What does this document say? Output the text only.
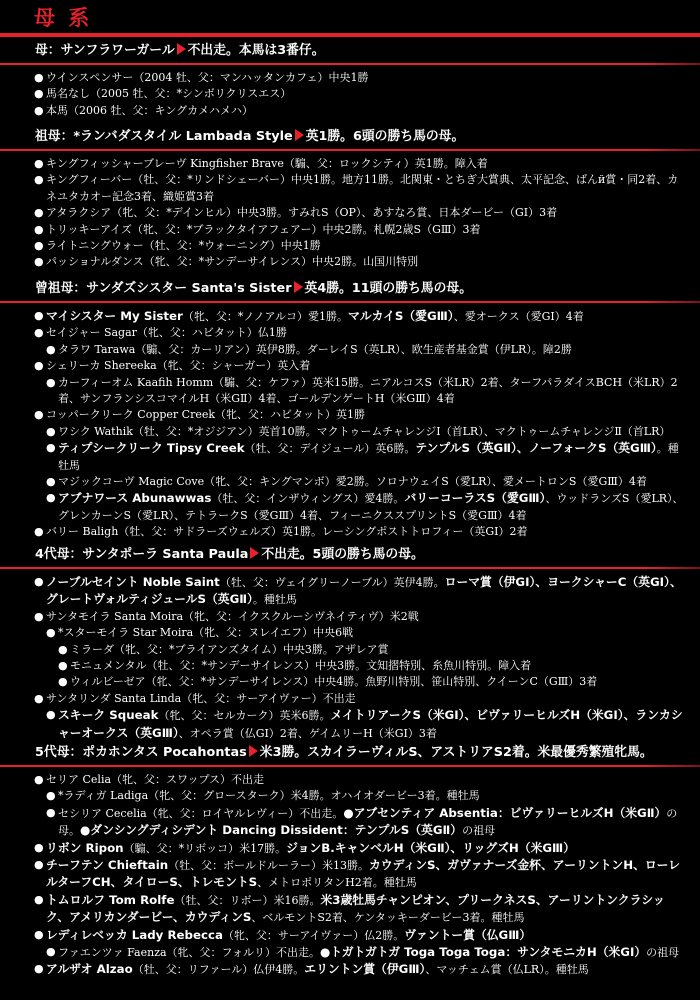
母 系
母：サンフラワーガール 不出走。本馬は3番仔。
● ウインスペンサー（2004 牡、父：マンハッタンカフェ）中央1勝
● 馬名なし（2005 牡、父：*シンボリクリスエス）
● 本馬（2006 牡、父：キングカメハメハ）
祖母：*ランバダスタイル Lambada Style 英1勝。6頭の勝ち馬の母。
● キングフィッシャーブレーヴ Kingfisher Brave（騸、父：ロックシティ）英1勝。障入着
● キングフィーバー（牡、父：*リンドシェーバー）中央1勝。地方11勝。北関東・とちぎ大賞典、太平記念、ばんй賞・同2着、カネユタカオー記念3着、織姫賞3着
● アタラクシア（牝、父：*デインヒル）中央3勝。すみれS（OP）、あすなろ賞、日本ダービー（GI）3着
● トリッキーアイズ（牝、父：*ブラックタイアフェアー）中央2勝。札幌2歳S（GⅢ）3着
● ライトニングウォー（牡、父：*ウォーニング）中央1勝
● パッショナルダンス（牝、父：*サンデーサイレンス）中央2勝。山国川特別
曾祖母：サンダズシスター Santa's Sister 英4勝。11頭の勝ち馬の母。
● マイシスター My Sister（牝、父：*ノノアルコ）愛1勝。マルカイS（愛GⅢ）、愛オークス（愛GI）4着
● セイジャー Sagar（牝、父：ハビタット）仏1勝
● タラワ Tarawa（騸、父：カーリアン）英伊8勝。ダーレイS（英LR）、欧生産者基金賞（伊LR）。障2勝
● シェリーカ Shereeka（牝、父：シャーガー）英入着
● カーフィーオム Kaafih Homm（騸、父：ケファ）英米15勝。ニアルコスS（米LR）2着、ターフパラダイスBCH（米LR）2着、サンフランシスコマイルH（米GⅡ）4着、ゴールデンゲートH（米GⅢ）4着
● コッパークリーク Copper Creek（牝、父：ハビタット）英1勝
● ワシク Wathik（牡、父：*オジジアン）英首10勝。マクトゥームチャレンジI（首LR）、マクトゥームチャレンジⅡ（首LR）
● ティプシークリーク Tipsy Creek（牡、父：デイジュール）英6勝。テンプルS（英GⅡ）、ノーフォークS（英GⅢ）。種牡馬
● マジックコーヴ Magic Cove（牝、父：キングマンボ）愛2勝。ソロナウェイS（愛LR）、愛メートロンS（愛GⅢ）4着
● アブナワース Abunawwas（牡、父：インザウィングス）愛4勝。バリーコーラスS（愛GⅢ）、ウッドランズS（愛LR）、グレンカーンS（愛LR）、テトラークS（愛GⅢ）4着、フィーニクススプリントS（愛GⅢ）4着
● バリー Baligh（牡、父：サドラーズウェルズ）英1勝。レーシングポストトロフィー（英GI）2着
4代母：サンタポーラ Santa Paula 不出走。5頭の勝ち馬の母。
● ノーブルセイント Noble Saint（牡、父：ヴェイグリーノーブル）英伊4勝。ローマ賞（伊GI）、ヨークシャーC（英GI）、グレートヴォルティジュールS（英GⅡ）。種牡馬
● サンタモイラ Santa Moira（牝、父：イクスクルーシヴネイティヴ）米2戦
● *スターモイラ Star Moira（牝、父：ヌレイエフ）中央6戦
● ミラーダ（牝、父：*ブライアンズタイム）中央3勝。アザレア賞
● モニュメンタル（牡、父：*サンデーサイレンス）中央3勝。文知摺特別、糸魚川特別。障入着
● ウィルビーゼア（牝、父：*サンデーサイレンス）中央4勝。魚野川特別、笹山特別、クイーンC（GⅢ）3着
● サンタリンダ Santa Linda（牝、父：サーアイヴァー）不出走
● スキーク Squeak（牝、父：セルカーク）英米6勝。メイトリアークS（米GI）、ビヴァリーヒルズH（米GI）、ランカシャーオークス（英GⅢ）、オペラ賞（仏GI）2着、ゲイムリーH（米GI）3着
5代母：ポカホンタス Pocahontas 米3勝。スカイラーヴィルS、アストリアS2着。米最優秀繁殖牝馬。
● セリア Celia（牝、父：スワップス）不出走
● *ラディガ Ladiga（牝、父：グロースターク）米4勝。オハイオダービー3着。種牡馬
● セシリア Cecelia（牝、父：ロイヤルレヴィー）不出走。●アブセンティア Absentia：ビヴァリーヒルズH（米GⅡ）の母。●ダンシングディシデント Dancing Dissident：テンプルS（英GⅡ）の祖母
● リボン Ripon（騸、父：*リボッコ）米17勝。ジョンB.キャンベルH（米GⅡ）、リッグズH（米GⅢ）
● チーフテン Chieftain（牡、父：ボールドルーラー）米13勝。カウディンS、ガヴァナーズ金杯、アーリントンH、ローレルターフCH、タイローS、トレモントS、メトロポリタンH2着。種牡馬
● トムロルフ Tom Rolfe（牡、父：リボー）米16勝。米3歳牡馬チャンピオン、プリークネスS、アーリントンクラシック、アメリカンダービー、カウディンS、ベルモントS2着、ケンタッキーダービー3着。種牡馬
● レディレベッカ Lady Rebecca（牝、父：サーアイヴァー）仏2勝。ヴァントー賞（仏GⅢ）
● ファエンツァ Faenza（牝、父：フォルリ）不出走。●トガトガトガ Toga Toga Toga：サンタモニカH（米GI）の祖母
● アルザオ Alzao（牡、父：リファール）仏伊4勝。エリントン賞（伊GⅢ）、マッチェム賞（仏LR）。種牡馬
